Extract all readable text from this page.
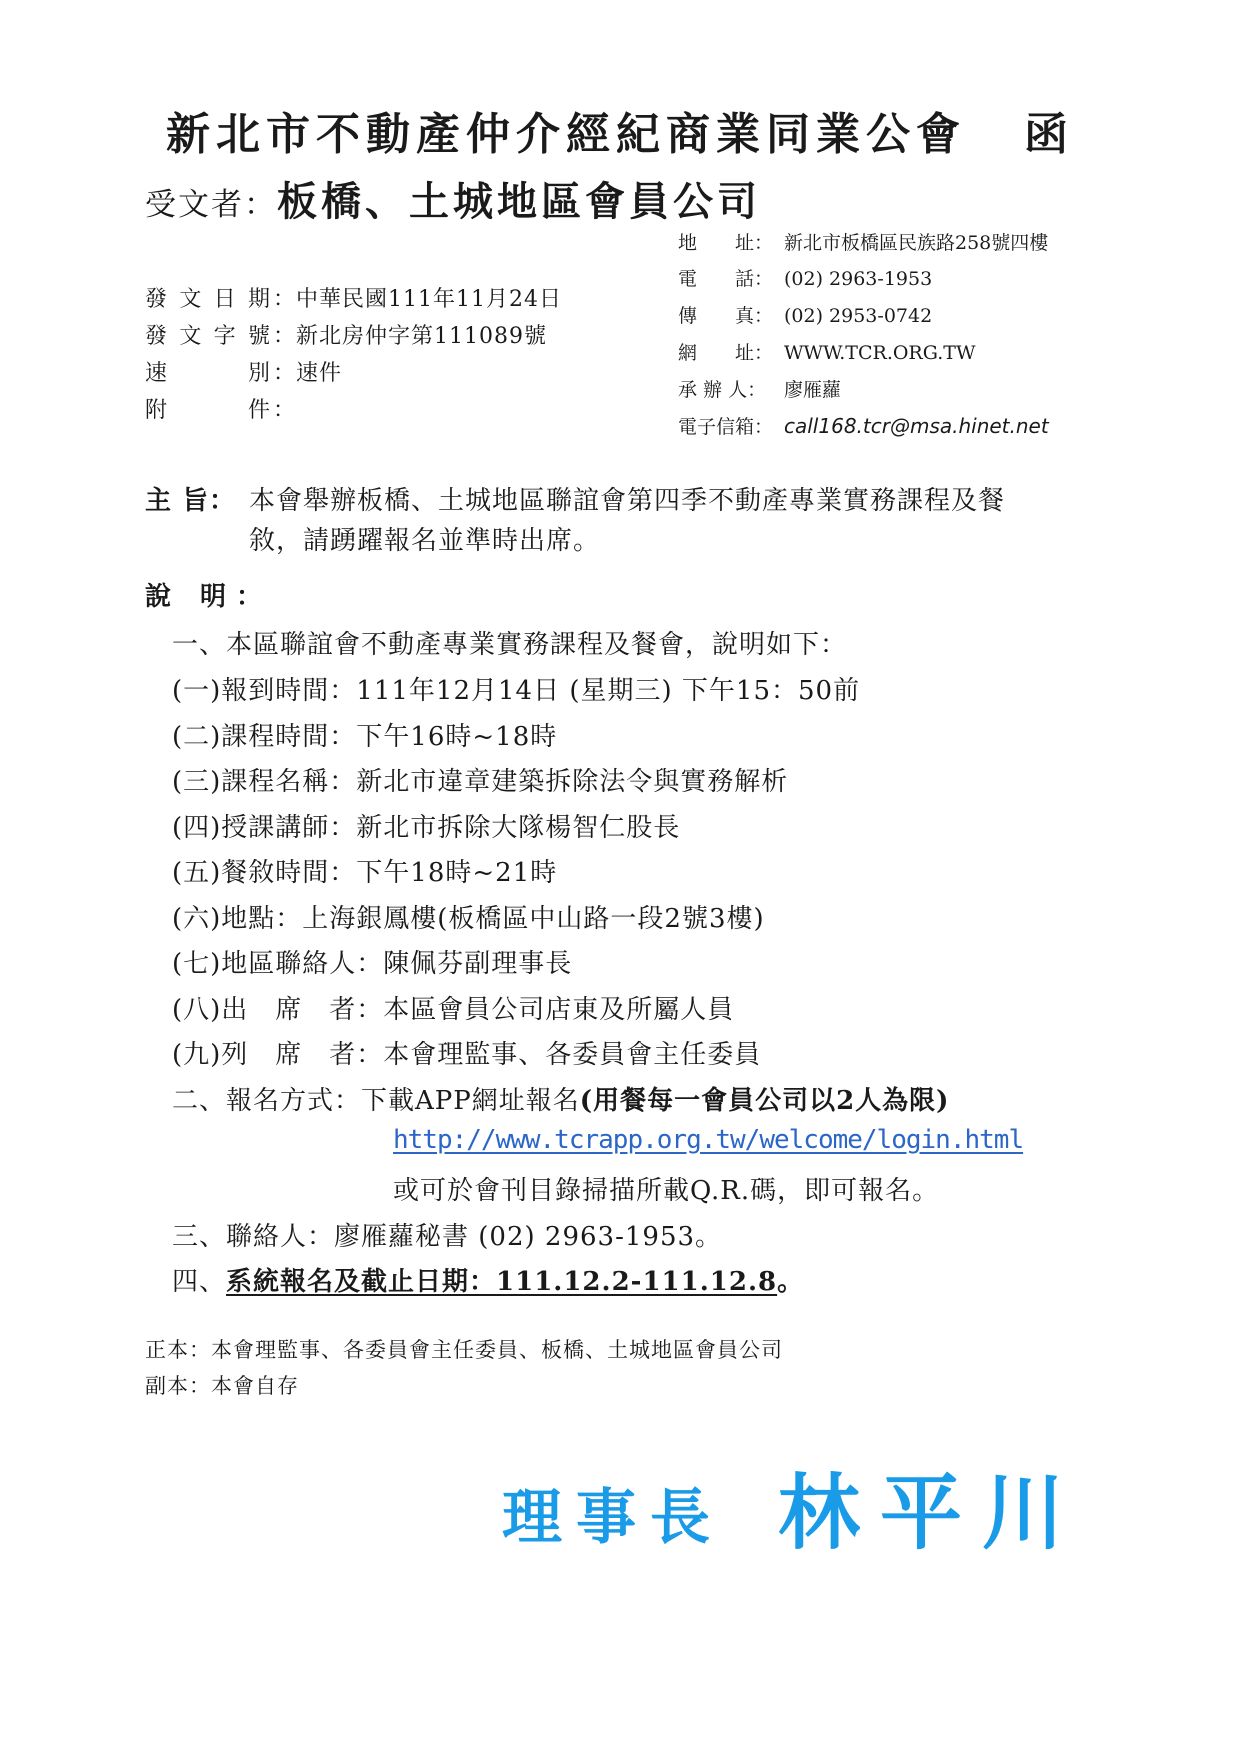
新北市不動產仲介經紀商業同業公會 函
受文者：板橋、土城地區會員公司
地　　址： 新北市板橋區民族路258號四樓
電　　話： (02) 2963-1953
傳　　真： (02) 2953-0742
網　　址： WWW.TCR.ORG.TW
承 辦 人： 廖雁蘿
電子信箱： call168.tcr@msa.hinet.net
發文日期：中華民國111年11月24日
發文字號：新北房仲字第111089號
速別：速件
附件：
主 旨： 本會舉辦板橋、土城地區聯誼會第四季不動產專業實務課程及餐
敘，請踴躍報名並準時出席。
說 明：
一、本區聯誼會不動產專業實務課程及餐會，說明如下：
(一)報到時間：111年12月14日 (星期三) 下午15：50前
(二)課程時間：下午16時~18時
(三)課程名稱：新北市違章建築拆除法令與實務解析
(四)授課講師：新北市拆除大隊楊智仁股長
(五)餐敘時間：下午18時~21時
(六)地點：上海銀鳳樓(板橋區中山路一段2號3樓)
(七)地區聯絡人：陳佩芬副理事長
(八)出　席　者：本區會員公司店東及所屬人員
(九)列　席　者：本會理監事、各委員會主任委員
二、報名方式：下載APP網址報名(用餐每一會員公司以2人為限)
http://www.tcrapp.org.tw/welcome/login.html
或可於會刊目錄掃描所載Q.R.碼，即可報名。
三、聯絡人：廖雁蘿秘書 (02) 2963-1953。
四、系統報名及截止日期：111.12.2-111.12.8。
正本：本會理監事、各委員會主任委員、板橋、土城地區會員公司
副本：本會自存
理事長 林平川
